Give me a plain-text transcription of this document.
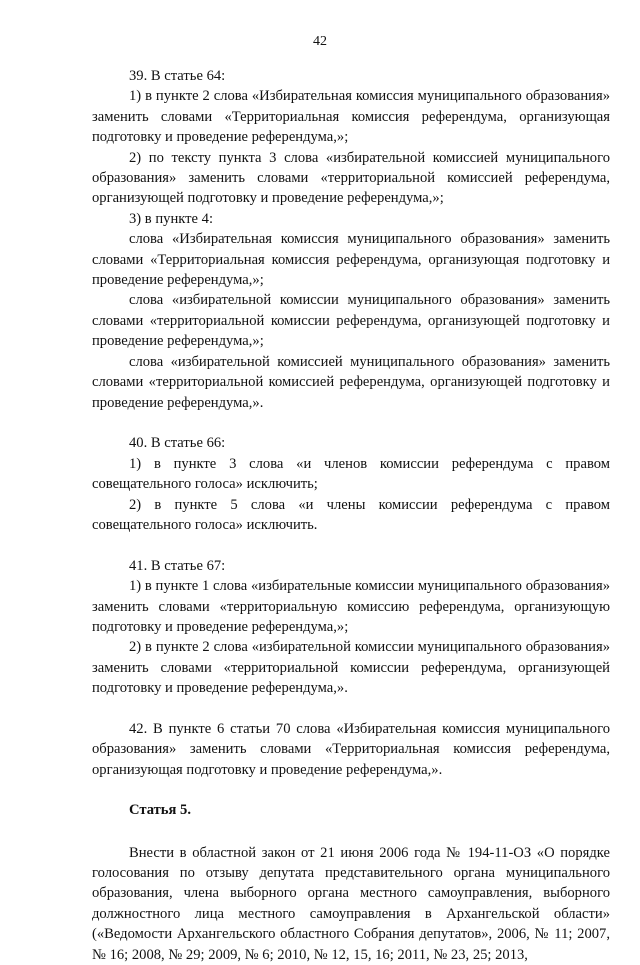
42

39. В статье 64:

1) в пункте 2 слова «Избирательная комиссия муниципального образования» заменить словами «Территориальная комиссия референдума, организующая подготовку и проведение референдума,»;

2) по тексту пункта 3 слова «избирательной комиссией муниципального образования» заменить словами «территориальной комиссией референдума, организующей подготовку и проведение референдума,»;

3) в пункте 4:

слова «Избирательная комиссия муниципального образования» заменить словами «Территориальная комиссия референдума, организующая подготовку и проведение референдума,»;

слова «избирательной комиссии муниципального образования» заменить словами «территориальной комиссии референдума, организующей подготовку и проведение референдума,»;

слова «избирательной комиссией муниципального образования» заменить словами «территориальной комиссией референдума, организующей подготовку и проведение референдума,».

40. В статье 66:

1) в пункте 3 слова «и членов комиссии референдума с правом совещательного голоса» исключить;

2) в пункте 5 слова «и члены комиссии референдума с правом совещательного голоса» исключить.

41. В статье 67:

1) в пункте 1 слова «избирательные комиссии муниципального образования» заменить словами «территориальную комиссию референдума, организующую подготовку и проведение референдума,»;

2) в пункте 2 слова «избирательной комиссии муниципального образования» заменить словами «территориальной комиссии референдума, организующей подготовку и проведение референдума,».

42. В пункте 6 статьи 70 слова «Избирательная комиссия муниципального образования» заменить словами «Территориальная комиссия референдума, организующая подготовку и проведение референдума,».

Статья 5.

Внести в областной закон от 21 июня 2006 года № 194-11-ОЗ «О порядке голосования по отзыву депутата представительного органа муниципального образования, члена выборного органа местного самоуправления, выборного должностного лица местного самоуправления в Архангельской области» («Ведомости Архангельского областного Собрания депутатов», 2006, № 11; 2007, № 16; 2008, № 29; 2009, № 6; 2010, № 12, 15, 16; 2011, № 23, 25; 2013,
